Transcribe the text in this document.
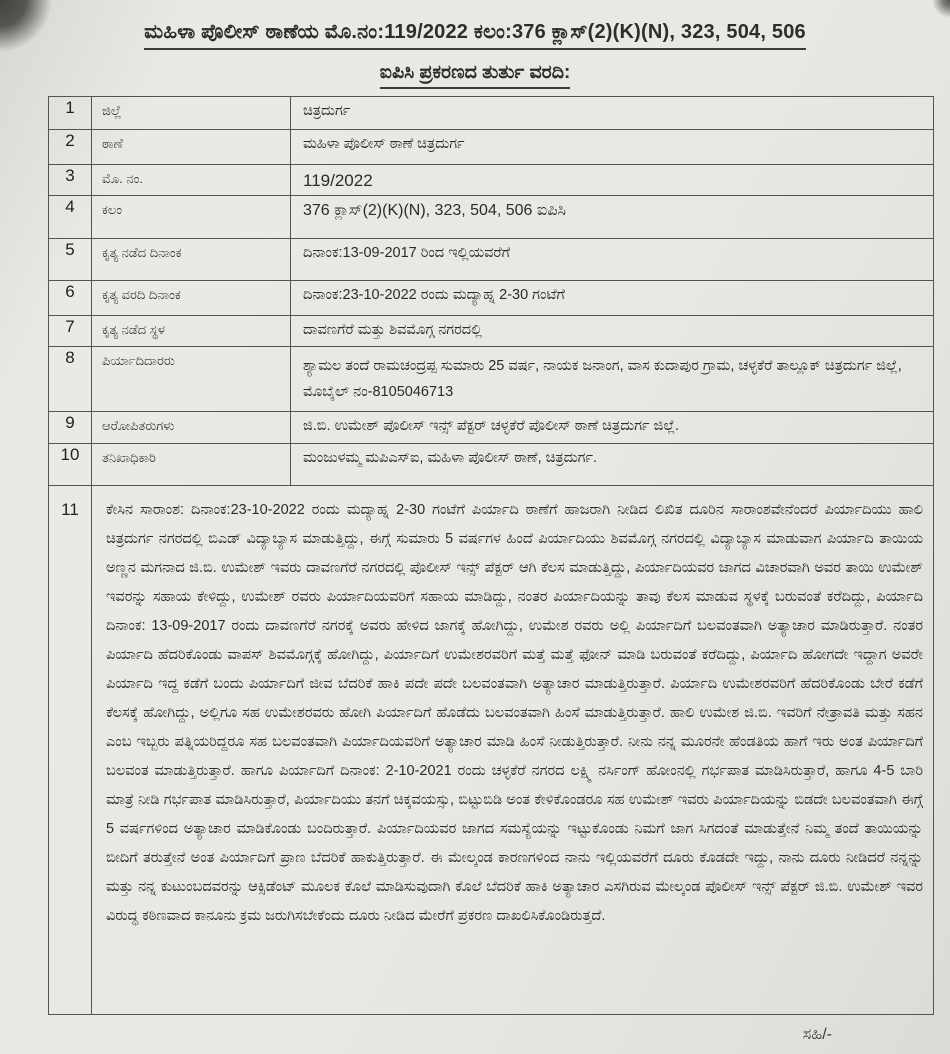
ಮಹಿಳಾ ಪೊಲೀಸ್ ಠಾಣೆಯ ಮೊ.ನಂ:119/2022 ಕಲಂ:376 ಕ್ಲಾಸ್(2)(K)(N), 323, 504, 506
ಐಪಿಸಿ ಪ್ರಕರಣದ ತುರ್ತು ವರದಿ:
1	ಜಿಲ್ಲೆ	ಚಿತ್ರದುರ್ಗ
2	ಠಾಣೆ	ಮಹಿಳಾ ಪೊಲೀಸ್ ಠಾಣೆ ಚಿತ್ರದುರ್ಗ
3	ಮೊ. ನಂ.	119/2022
4	ಕಲಂ	376 ಕ್ಲಾಸ್(2)(K)(N), 323, 504, 506 ಐಪಿಸಿ
5	ಕೃತ್ಯ ನಡೆದ ದಿನಾಂಕ	ದಿನಾಂಕ:13-09-2017 ರಿಂದ ಇಲ್ಲಿಯವರೆಗೆ
6	ಕೃತ್ಯ ವರದಿ ದಿನಾಂಕ	ದಿನಾಂಕ:23-10-2022 ರಂದು ಮದ್ಯಾಹ್ನ 2-30 ಗಂಟೆಗೆ
7	ಕೃತ್ಯ ನಡೆದ ಸ್ಥಳ	ದಾವಣಗೆರೆ ಮತ್ತು ಶಿವಮೊಗ್ಗ ನಗರದಲ್ಲಿ
8	ಪಿರ್ಯಾದಿದಾರರು	ಶ್ಯಾಮಲ ತಂದೆ ರಾಮಚಂದ್ರಪ್ಪ ಸುಮಾರು 25 ವರ್ಷ, ನಾಯಕ ಜನಾಂಗ, ವಾಸ ಕುದಾಪುರ ಗ್ರಾಮ, ಚಳ್ಳಕೆರೆ ತಾಲ್ಲೂಕ್ ಚಿತ್ರದುರ್ಗ ಜಿಲ್ಲೆ, ಮೊಬೈಲ್ ನಂ-8105046713
9	ಆರೋಪಿತರುಗಳು	ಜಿ.ಬಿ. ಉಮೇಶ್ ಪೊಲೀಸ್ ಇನ್ಸ್ ಪೆಕ್ಟರ್ ಚಳ್ಳಕೆರೆ ಪೊಲೀಸ್ ಠಾಣೆ ಚಿತ್ರದುರ್ಗ ಜಿಲ್ಲೆ.
10	ತನಿಖಾಧಿಕಾರಿ	ಮಂಜುಳಮ್ಮ ಮಪಿಎಸ್ಐ, ಮಹಿಳಾ ಪೊಲೀಸ್ ಠಾಣೆ, ಚಿತ್ರದುರ್ಗ.
11	ಕೇಸಿನ ಸಾರಾಂಶ: ದಿನಾಂಕ:23-10-2022 ರಂದು ಮದ್ಯಾಹ್ನ 2-30 ಗಂಟೆಗೆ ಪಿರ್ಯಾದಿ ಠಾಣೆಗೆ ಹಾಜರಾಗಿ ನೀಡಿದ ಲಿಖಿತ ದೂರಿನ ಸಾರಾಂಶವೇನೆಂದರೆ ಪಿರ್ಯಾದಿಯು ಹಾಲಿ ಚಿತ್ರದುರ್ಗ ನಗರದಲ್ಲಿ ಬಿಎಡ್ ವಿದ್ಯಾಬ್ಯಾಸ ಮಾಡುತ್ತಿದ್ದು, ಈಗ್ಗೆ ಸುಮಾರು 5 ವರ್ಷಗಳ ಹಿಂದೆ ಪಿರ್ಯಾದಿಯು ಶಿವಮೊಗ್ಗ ನಗರದಲ್ಲಿ ವಿದ್ಯಾಬ್ಯಾಸ ಮಾಡುವಾಗ ಪಿರ್ಯಾದಿ ತಾಯಿಯ ಅಣ್ಣನ ಮಗನಾದ ಜಿ.ಬಿ. ಉಮೇಶ್ ಇವರು ದಾವಣಗೆರೆ ನಗರದಲ್ಲಿ ಪೊಲೀಸ್ ಇನ್ಸ್ ಪೆಕ್ಟರ್ ಆಗಿ ಕೆಲಸ ಮಾಡುತ್ತಿದ್ದು, ಪಿರ್ಯಾದಿಯವರ ಜಾಗದ ವಿಚಾರವಾಗಿ ಅವರ ತಾಯಿ ಉಮೇಶ್ ಇವರನ್ನು ಸಹಾಯ ಕೇಳಿದ್ದು, ಉಮೇಶ್ ರವರು ಪಿರ್ಯಾದಿಯವರಿಗೆ ಸಹಾಯ ಮಾಡಿದ್ದು, ನಂತರ ಪಿರ್ಯಾದಿಯನ್ನು ತಾವು ಕೆಲಸ ಮಾಡುವ ಸ್ಥಳಕ್ಕೆ ಬರುವಂತೆ ಕರೆದಿದ್ದು, ಪಿರ್ಯಾದಿ ದಿನಾಂಕ: 13-09-2017 ರಂದು ದಾವಣಗೆರೆ ನಗರಕ್ಕೆ ಅವರು ಹೇಳಿದ ಜಾಗಕ್ಕೆ ಹೋಗಿದ್ದು, ಉಮೇಶ ರವರು ಅಲ್ಲಿ ಪಿರ್ಯಾದಿಗೆ ಬಲವಂತವಾಗಿ ಅತ್ಯಾಚಾರ ಮಾಡಿರುತ್ತಾರೆ. ನಂತರ ಪಿರ್ಯಾದಿ ಹೆದರಿಕೊಂಡು ವಾಪಸ್ ಶಿವಮೊಗ್ಗಕ್ಕೆ ಹೋಗಿದ್ದು, ಪಿರ್ಯಾದಿಗೆ ಉಮೇಶರವರಿಗೆ ಮತ್ತೆ ಮತ್ತೆ ಫೋನ್ ಮಾಡಿ ಬರುವಂತೆ ಕರೆದಿದ್ದು, ಪಿರ್ಯಾದಿ ಹೋಗದೇ ಇದ್ದಾಗ ಅವರೇ ಪಿರ್ಯಾದಿ ಇದ್ದ ಕಡೆಗೆ ಬಂದು ಪಿರ್ಯಾದಿಗೆ ಜೀವ ಬೆದರಿಕೆ ಹಾಕಿ ಪದೇ ಪದೇ ಬಲವಂತವಾಗಿ ಅತ್ಯಾಚಾರ ಮಾಡುತ್ತಿರುತ್ತಾರೆ. ಪಿರ್ಯಾದಿ ಉಮೇಶರವರಿಗೆ ಹೆದರಿಕೊಂಡು ಬೇರೆ ಕಡೆಗೆ ಕೆಲಸಕ್ಕೆ ಹೋಗಿದ್ದು, ಅಲ್ಲಿಗೂ ಸಹ ಉಮೇಶರವರು ಹೋಗಿ ಪಿರ್ಯಾದಿಗೆ ಹೊಡೆದು ಬಲವಂತವಾಗಿ ಹಿಂಸೆ ಮಾಡುತ್ತಿರುತ್ತಾರೆ. ಹಾಲಿ ಉಮೇಶ ಜಿ.ಬಿ. ಇವರಿಗೆ ನೇತ್ರಾವತಿ ಮತ್ತು ಸಹನ ಎಂಬ ಇಬ್ಬರು ಪತ್ನಿಯರಿದ್ದರೂ ಸಹ ಬಲವಂತವಾಗಿ ಪಿರ್ಯಾದಿಯವರಿಗೆ ಅತ್ಯಾಚಾರ ಮಾಡಿ ಹಿಂಸೆ ನೀಡುತ್ತಿರುತ್ತಾರೆ. ನೀನು ನನ್ನ ಮೂರನೇ ಹೆಂಡತಿಯ ಹಾಗೆ ಇರು ಅಂತ ಪಿರ್ಯಾದಿಗೆ ಬಲವಂತ ಮಾಡುತ್ತಿರುತ್ತಾರೆ. ಹಾಗೂ ಪಿರ್ಯಾದಿಗೆ ದಿನಾಂಕ: 2-10-2021 ರಂದು ಚಳ್ಳಕೆರೆ ನಗರದ ಲಕ್ಷ್ಮಿ ನರ್ಸಿಂಗ್ ಹೋಂನಲ್ಲಿ ಗರ್ಭಪಾತ ಮಾಡಿಸಿರುತ್ತಾರೆ, ಹಾಗೂ 4-5 ಬಾರಿ ಮಾತ್ರೆ ನೀಡಿ ಗರ್ಭಪಾತ ಮಾಡಿಸಿರುತ್ತಾರೆ, ಪಿರ್ಯಾದಿಯು ತನಗೆ ಚಿಕ್ಕವಯಸ್ಸು, ಬಿಟ್ಟುಬಿಡಿ ಅಂತ ಕೇಳಿಕೊಂಡರೂ ಸಹ ಉಮೇಶ್ ಇವರು ಪಿರ್ಯಾದಿಯನ್ನು ಬಿಡದೇ ಬಲವಂತವಾಗಿ ಈಗ್ಗೆ 5 ವರ್ಷಗಳಿಂದ ಅತ್ಯಾಚಾರ ಮಾಡಿಕೊಂಡು ಬಂದಿರುತ್ತಾರೆ. ಪಿರ್ಯಾದಿಯವರ ಜಾಗದ ಸಮಸ್ಯೆಯನ್ನು ಇಟ್ಟುಕೊಂಡು ನಿಮಗೆ ಜಾಗ ಸಿಗದಂತೆ ಮಾಡುತ್ತೇನೆ ನಿಮ್ಮ ತಂದೆ ತಾಯಿಯನ್ನು ಬೀದಿಗೆ ತರುತ್ತೇನೆ ಅಂತ ಪಿರ್ಯಾದಿಗೆ ಪ್ರಾಣ ಬೆದರಿಕೆ ಹಾಕುತ್ತಿರುತ್ತಾರೆ. ಈ ಮೇಲ್ಕಂಡ ಕಾರಣಗಳಿಂದ ನಾನು ಇಲ್ಲಿಯವರೆಗೆ ದೂರು ಕೊಡದೇ ಇದ್ದು, ನಾನು ದೂರು ನೀಡಿದರೆ ನನ್ನನ್ನು ಮತ್ತು ನನ್ನ ಕುಟುಂಬದವರನ್ನು ಆಕ್ಸಿಡೆಂಟ್ ಮೂಲಕ ಕೊಲೆ ಮಾಡಿಸುವುದಾಗಿ ಕೊಲೆ ಬೆದರಿಕೆ ಹಾಕಿ ಅತ್ಯಾಚಾರ ಎಸಗಿರುವ ಮೇಲ್ಕಂಡ ಪೊಲೀಸ್ ಇನ್ಸ್ ಪೆಕ್ಟರ್ ಜಿ.ಬಿ. ಉಮೇಶ್ ಇವರ ವಿರುದ್ಧ ಕಠಿಣವಾದ ಕಾನೂನು ಕ್ರಮ ಜರುಗಿಸಬೇಕೆಂದು ದೂರು ನೀಡಿದ ಮೇರೆಗೆ ಪ್ರಕರಣ ದಾಖಲಿಸಿಕೊಂಡಿರುತ್ತದೆ.	
ಸಹಿ/-
